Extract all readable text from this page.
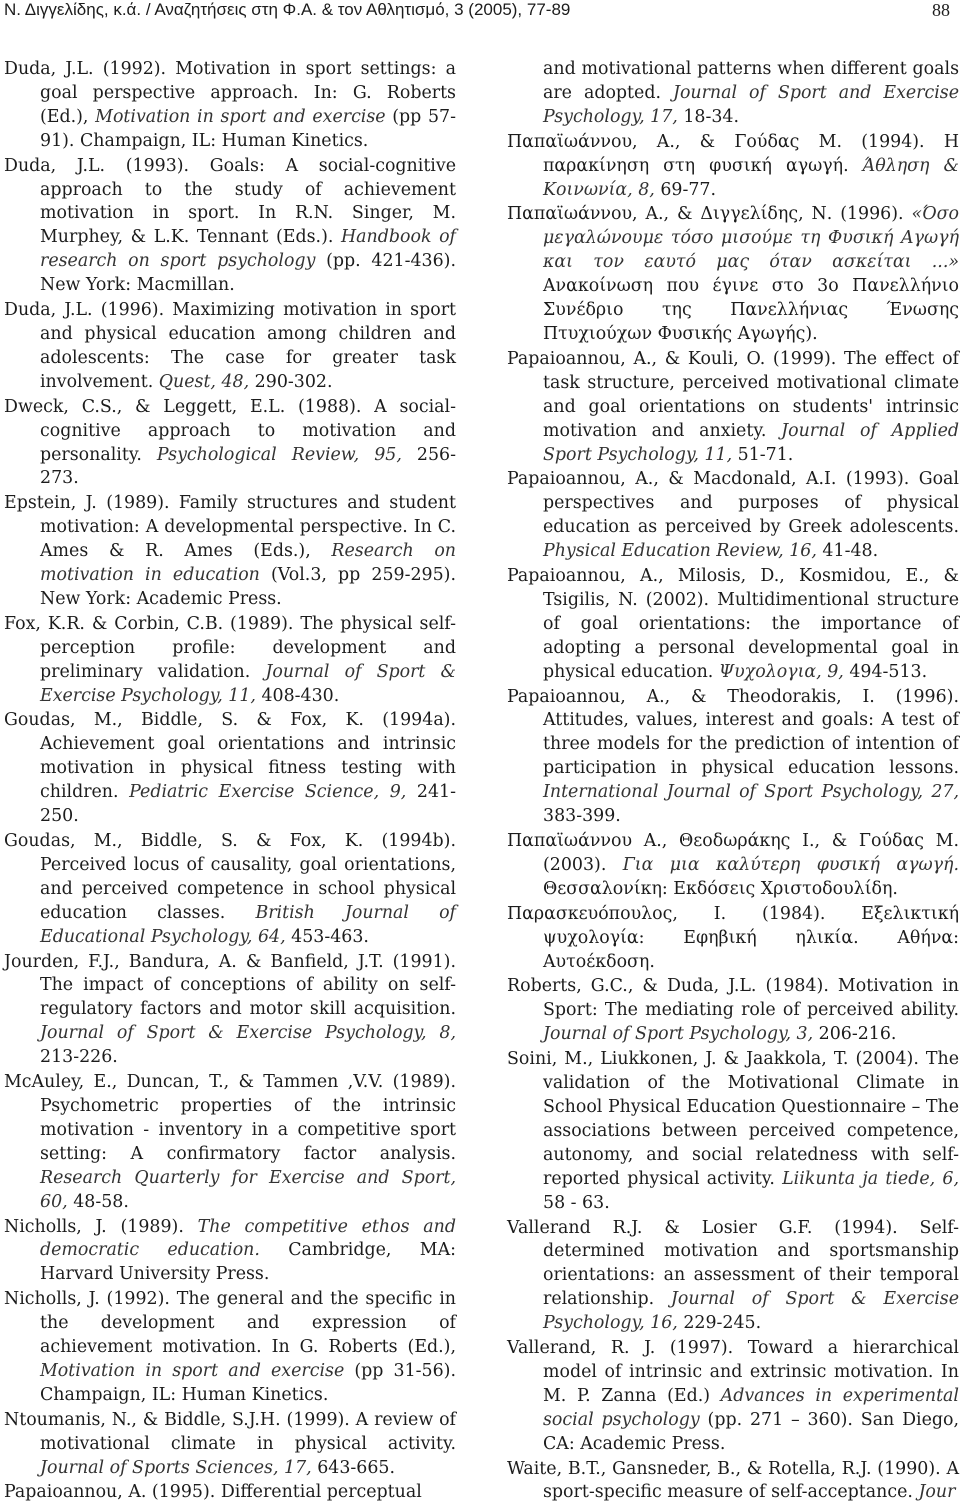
Ν. Διγγελίδης, κ.ά. / Αναζητήσεις στη Φ.Α. & τον Αθλητισμό, 3 (2005), 77-89	88

Duda, J.L. (1992). Motivation in sport settings: a goal perspective approach. In: G. Roberts (Ed.), Motivation in sport and exercise (pp 57-91). Champaign, IL: Human Kinetics.

Duda, J.L. (1993). Goals: A social-cognitive approach to the study of achievement motivation in sport. In R.N. Singer, M. Murphey, & L.K. Tennant (Eds.). Handbook of research on sport psychology (pp. 421-436). New York: Macmillan.

Duda, J.L. (1996). Maximizing motivation in sport and physical education among children and adolescents: The case for greater task involvement. Quest, 48, 290-302.

Dweck, C.S., & Leggett, E.L. (1988). A social-cognitive approach to motivation and personality. Psychological Review, 95, 256-273.

Epstein, J. (1989). Family structures and student motivation: A developmental perspective. In C. Ames & R. Ames (Eds.), Research on motivation in education (Vol.3, pp 259-295). New York: Academic Press.

Fox, K.R. & Corbin, C.B. (1989). The physical self-perception profile: development and preliminary validation. Journal of Sport & Exercise Psychology, 11, 408-430.

Goudas, M., Biddle, S. & Fox, K. (1994a). Achievement goal orientations and intrinsic motivation in physical fitness testing with children. Pediatric Exercise Science, 9, 241-250.

Goudas, M., Biddle, S. & Fox, K. (1994b). Perceived locus of causality, goal orientations, and perceived competence in school physical education classes. British Journal of Educational Psychology, 64, 453-463.

Jourden, F.J., Bandura, A. & Banfield, J.T. (1991). The impact of conceptions of ability on self-regulatory factors and motor skill acquisition. Journal of Sport & Exercise Psychology, 8, 213-226.

McAuley, E., Duncan, T., & Tammen ,V.V. (1989). Psychometric properties of the intrinsic motivation - inventory in a competitive sport setting: A confirmatory factor analysis. Research Quarterly for Exercise and Sport, 60, 48-58.

Nicholls, J. (1989). The competitive ethos and democratic education. Cambridge, MA: Harvard University Press.

Nicholls, J. (1992). The general and the specific in the development and expression of achievement motivation. In G. Roberts (Ed.), Motivation in sport and exercise (pp 31-56). Champaign, IL: Human Kinetics.

Ntoumanis, N., & Biddle, S.J.H. (1999). A review of motivational climate in physical activity. Journal of Sports Sciences, 17, 643-665.

Papaioannou, A. (1995). Differential perceptual

and motivational patterns when different goals are adopted. Journal of Sport and Exercise Psychology, 17, 18-34.

Παπαϊωάννου, Α., & Γούδας Μ. (1994). Η παρακίνηση στη φυσική αγωγή. Άθληση & Κοινωνία, 8, 69-77.

Παπαϊωάννου, Α., & Διγγελίδης, Ν. (1996). «Όσο μεγαλώνουμε τόσο μισούμε τη Φυσική Αγωγή και τον εαυτό μας όταν ασκείται ...» Ανακοίνωση που έγινε στο 3ο Πανελλήνιο Συνέδριο της Πανελλήνιας Ένωσης Πτυχιούχων Φυσικής Αγωγής).

Papaioannou, A., & Kouli, O. (1999). The effect of task structure, perceived motivational climate and goal orientations on students' intrinsic motivation and anxiety. Journal of Applied Sport Psychology, 11, 51-71.

Papaioannou, A., & Macdonald, A.I. (1993). Goal perspectives and purposes of physical education as perceived by Greek adolescents. Physical Education Review, 16, 41-48.

Papaioannou, A., Milosis, D., Kosmidou, E., & Tsigilis, N. (2002). Multidimentional structure of goal orientations: the importance of adopting a personal developmental goal in physical education. Ψυχολογια, 9, 494-513.

Papaioannou, A., & Theodorakis, I. (1996). Attitudes, values, interest and goals: A test of three models for the prediction of intention of participation in physical education lessons. International Journal of Sport Psychology, 27, 383-399.

Παπαϊωάννου Α., Θεοδωράκης Ι., & Γούδας Μ. (2003). Για μια καλύτερη φυσική αγωγή. Θεσσαλονίκη: Εκδόσεις Χριστοδουλίδη.

Παρασκευόπουλος, Ι. (1984). Εξελικτική ψυχολογία: Εφηβική ηλικία. Αθήνα: Αυτοέκδοση.

Roberts, G.C., & Duda, J.L. (1984). Motivation in Sport: The mediating role of perceived ability. Journal of Sport Psychology, 3, 206-216.

Soini, M., Liukkonen, J. & Jaakkola, T. (2004). The validation of the Motivational Climate in School Physical Education Questionnaire – The associations between perceived competence, autonomy, and social relatedness with self-reported physical activity. Liikunta ja tiede, 6, 58 - 63.

Vallerand R.J. & Losier G.F. (1994). Self-determined motivation and sportsmanship orientations: an assessment of their temporal relationship. Journal of Sport & Exercise Psychology, 16, 229-245.

Vallerand, R. J. (1997). Toward a hierarchical model of intrinsic and extrinsic motivation. In M. P. Zanna (Ed.) Advances in experimental social psychology (pp. 271 – 360). San Diego, CA: Academic Press.

Waite, B.T., Gansneder, B., & Rotella, R.J. (1990). A sport-specific measure of self-acceptance. Jour
